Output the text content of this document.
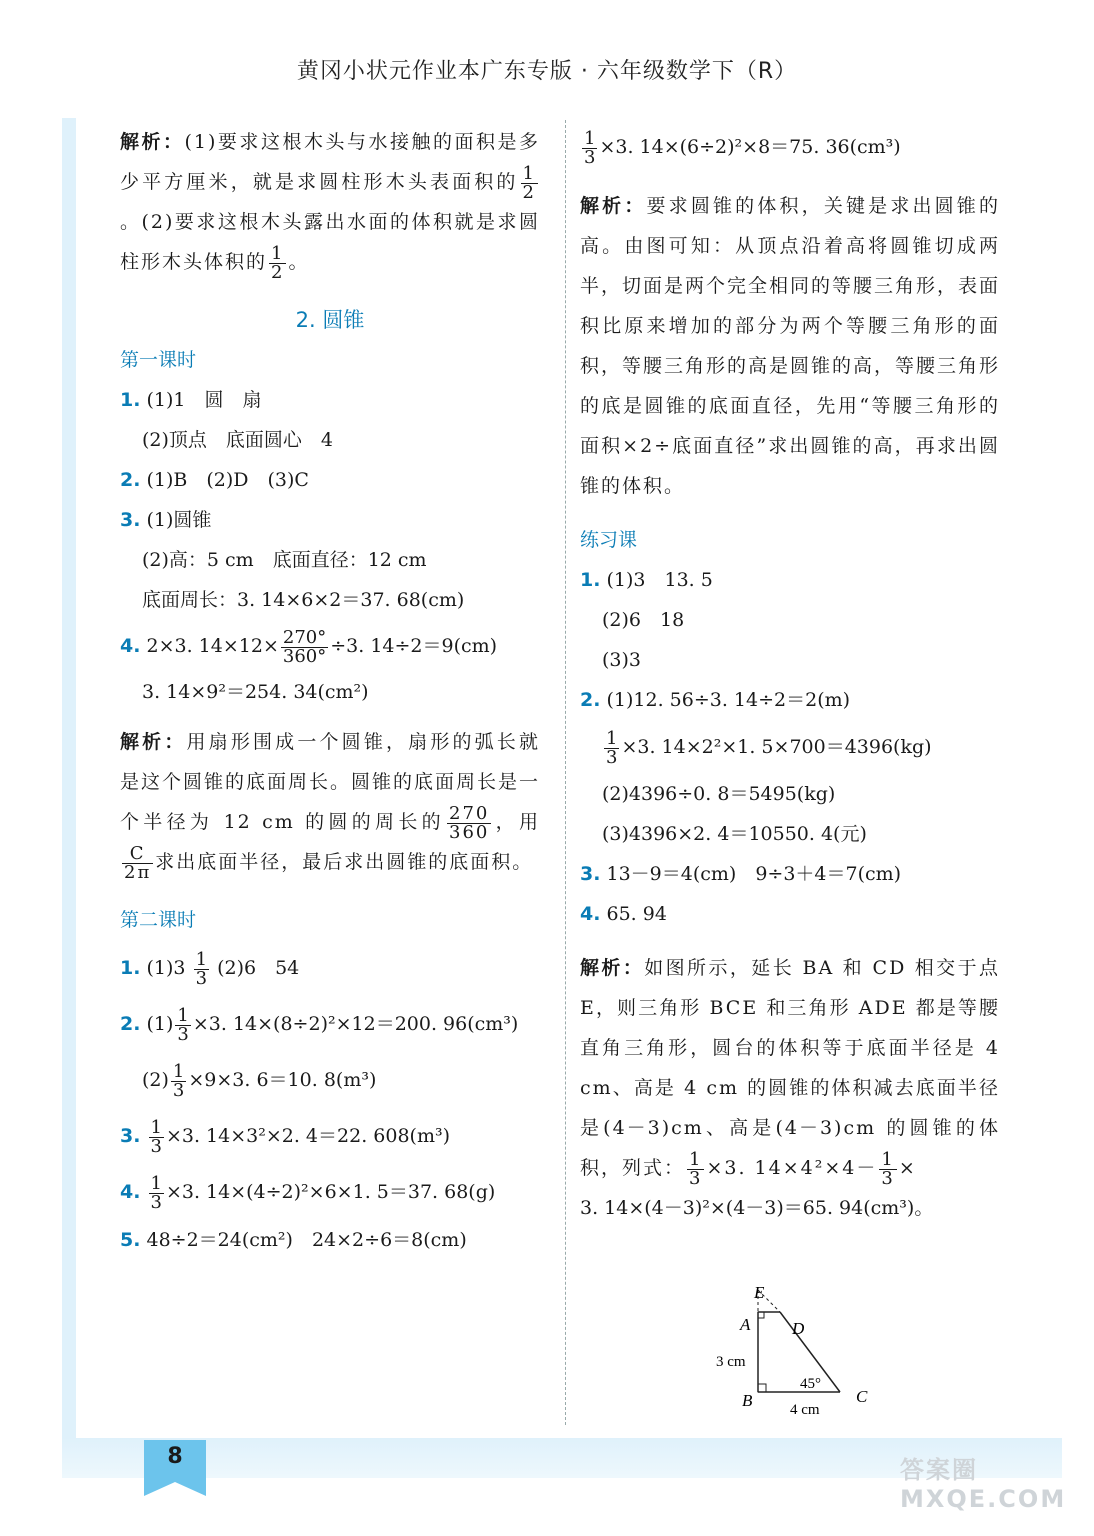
黄冈小状元作业本广东专版 · 六年级数学下（R）
解析：(1)要求这根木头与水接触的面积是多少平方厘米，就是求圆柱形木头表面积的 $\frac{1}{2}$
。(2)要求这根木头露出水面的体积就是求圆柱形木头体积的 $\frac{1}{2}$ 。
2. 圆锥
第一课时
1. (1)1　圆　扇
(2)顶点　底面圆心　4
2. (1)B　(2)D　(3)C
3. (1)圆锥
(2)高：5 cm　底面直径：12 cm
底面周长：3. 14×6×2＝37. 68(cm)
4. 2×3. $14\times 12\times \frac{270^\circ}{360^\circ} \div 3$. 14÷2＝9(cm)
3. 14×9²＝254. 34(cm²)
解析：用扇形围成一个圆锥，扇形的弧长就是这个圆锥的底面周长。圆锥的底面周长是一个半径为 12 cm 的圆的周长的 $\frac{270}{360}$ ，用
$\frac{C}{2\pi}$ 求出底面半径，最后求出圆锥的底面积。
第二课时
1. $(1)3 \frac{1}{3} (2)6$　54
2. $(1) \frac{1}{3} \times 3$. 14×(8÷2)²×12＝200. 96(cm³)
$(2) \frac{1}{3} \times 9\times 3$. 6＝10. 8(m³)
3. $\frac{1}{3} \times 3$. 14×3²×2. 4＝22. 608(m³)
4. $\frac{1}{3} \times 3$. 14×(4÷2)²×6×1. 5＝37. 68(g)
5. 48÷2＝24(cm²)　24×2÷6＝8(cm)
$\frac{1}{3} \times 3$. 14×(6÷2)²×8＝75. 36(cm³)
解析：要求圆锥的体积，关键是求出圆锥的高。由图可知：从顶点沿着高将圆锥切成两半，切面是两个完全相同的等腰三角形，表面积比原来增加的部分为两个等腰三角形的面积，等腰三角形的高是圆锥的高，等腰三角形的底是圆锥的底面直径，先用“等腰三角形的面积×2÷底面直径”求出圆锥的高，再求出圆锥的体积。
练习课
1. (1)3　13. 5
(2)6　18
(3)3
2. (1)12. 56÷3. 14÷2＝2(m)
$\frac{1}{3} \times 3$. 14×2²×1. 5×700＝4396(kg)
(2)4396÷0. 8＝5495(kg)
(3)4396×2. 4＝10550. 4(元)
3. 13－9＝4(cm)　9÷3＋4＝7(cm)
4. 65. 94
解析：如图所示，延长 BA 和 CD 相交于点 E，则三角形 BCE 和三角形 ADE 都是等腰直角三角形，圆台的体积等于底面半径是 4 cm、高是 4 cm 的圆锥的体积减去底面半径是(4－3)cm、高是(4－3)cm 的圆锥的体积，列式： $\frac{1}{3} \times 3$. $14\times 4^2\times 4- \frac{1}{3}$ ×
3. 14×(4－3)²×(4－3)＝65. 94(cm³)。
E
A D
B	C
3 cm
4 cm
45°
8	答案圈 MXQE.COM
